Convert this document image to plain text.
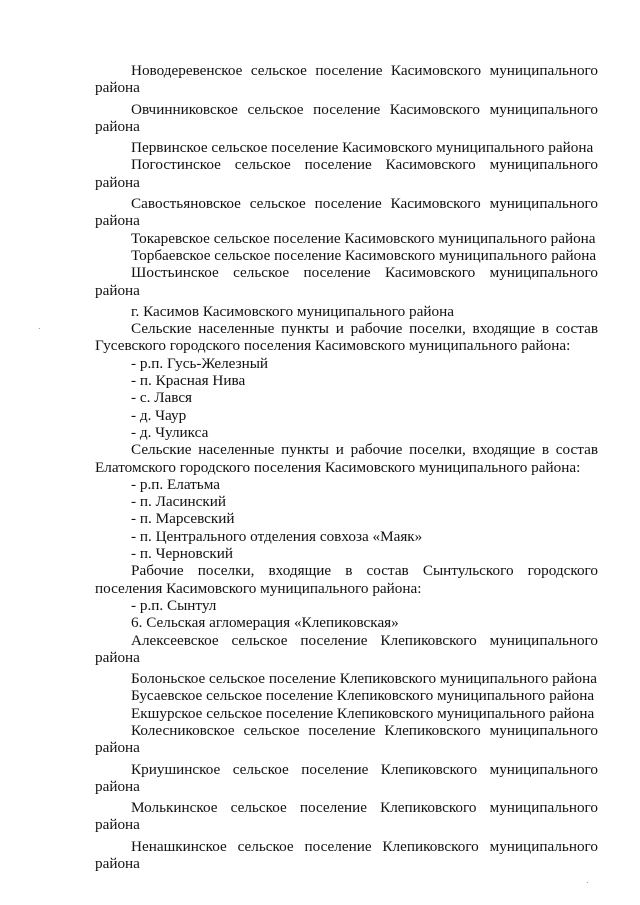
Новодеревенское сельское поселение Касимовского муниципального района

Овчинниковское сельское поселение Касимовского муниципального района

Первинское сельское поселение Касимовского муниципального района

Погостинское сельское поселение Касимовского муниципального района

Савостьяновское сельское поселение Касимовского муниципального района

Токаревское сельское поселение Касимовского муниципального района

Торбаевское сельское поселение Касимовского муниципального района

Шостьинское сельское поселение Касимовского муниципального района

г. Касимов Касимовского муниципального района

Сельские населенные пункты и рабочие поселки, входящие в состав Гусевского городского поселения Касимовского муниципального района:

- р.п. Гусь-Железный

- п. Красная Нива

- с. Лався

- д. Чаур

- д. Чуликса

Сельские населенные пункты и рабочие поселки, входящие в состав Елатомского городского поселения Касимовского муниципального района:

- р.п. Елатьма

- п. Ласинский

- п. Марсевский

- п. Центрального отделения совхоза «Маяк»

- п. Черновский

Рабочие поселки, входящие в состав Сынтульского городского поселения Касимовского муниципального района:

- р.п. Сынтул

6. Сельская агломерация «Клепиковская»

Алексеевское сельское поселение Клепиковского муниципального района

Болоньское сельское поселение Клепиковского муниципального района

Бусаевское сельское поселение Клепиковского муниципального района

Екшурское сельское поселение Клепиковского муниципального района

Колесниковское сельское поселение Клепиковского муниципального района

Криушинское сельское поселение Клепиковского муниципального района

Молькинское сельское поселение Клепиковского муниципального района

Ненашкинское сельское поселение Клепиковского муниципального района

.
.
